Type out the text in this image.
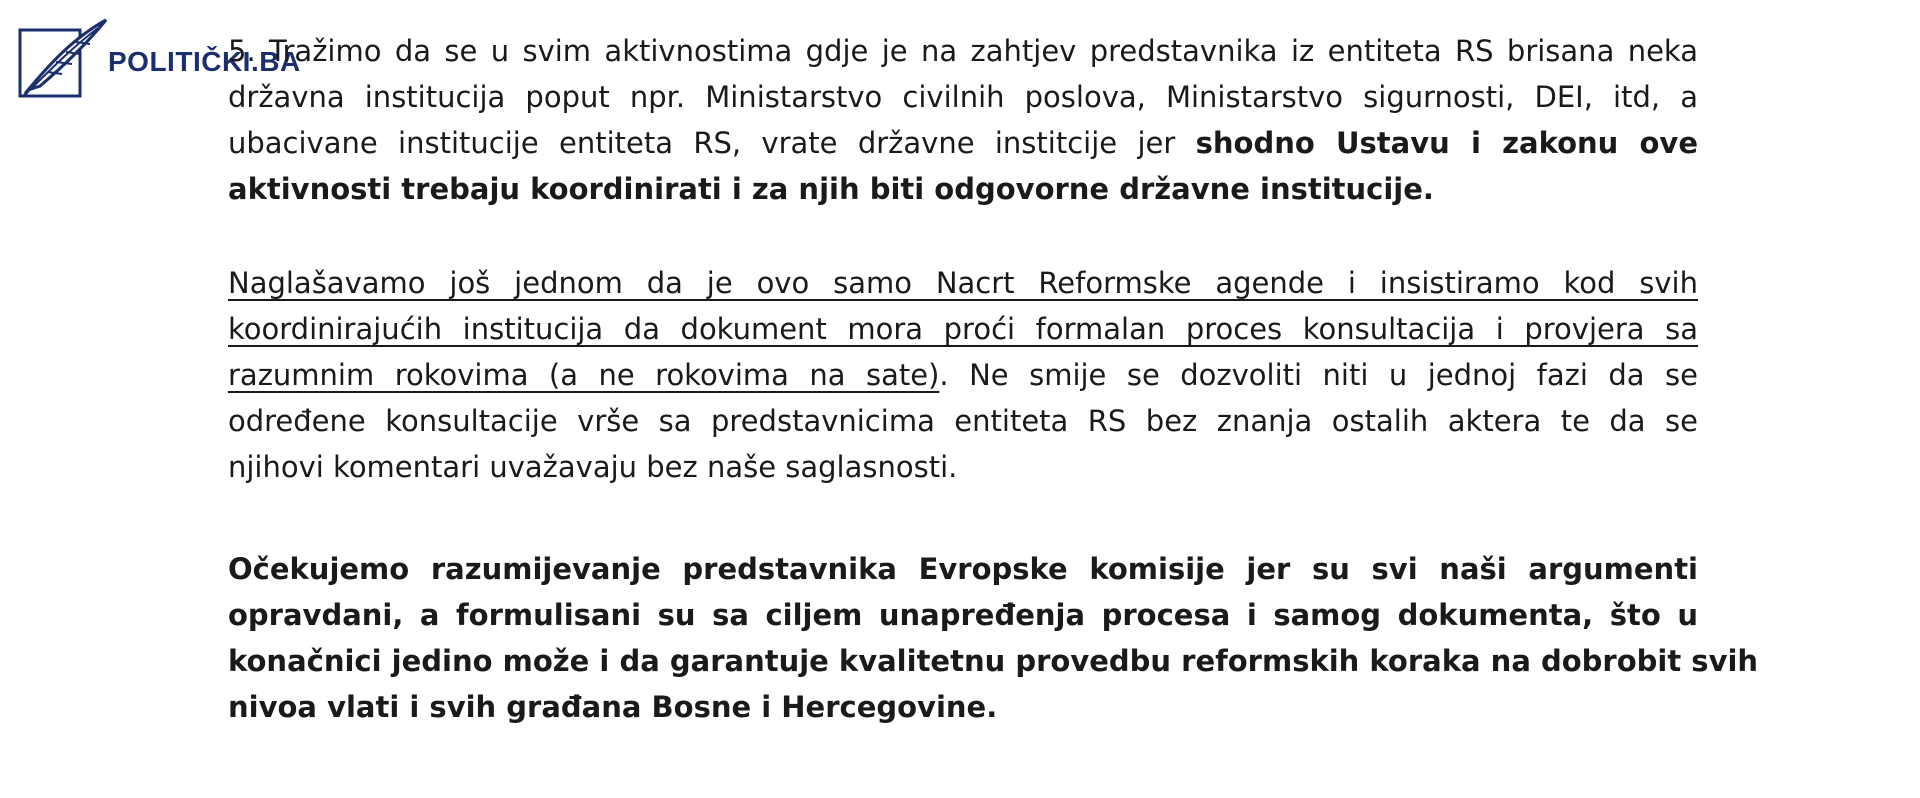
POLITIČKI.BA
5. Tražimo da se u svim aktivnostima gdje je na zahtjev predstavnika iz entiteta RS brisana neka
državna institucija poput npr. Ministarstvo civilnih poslova, Ministarstvo sigurnosti, DEI, itd, a
ubacivane institucije entiteta RS, vrate državne institcije jer shodno Ustavu i zakonu ove
aktivnosti trebaju koordinirati i za njih biti odgovorne državne institucije.
Naglašavamo još jednom da je ovo samo Nacrt Reformske agende i insistiramo kod svih
koordinirajućih institucija da dokument mora proći formalan proces konsultacija i provjera sa
razumnim rokovima (a ne rokovima na sate). Ne smije se dozvoliti niti u jednoj fazi da se
određene konsultacije vrše sa predstavnicima entiteta RS bez znanja ostalih aktera te da se
njihovi komentari uvažavaju bez naše saglasnosti.
Očekujemo razumijevanje predstavnika Evropske komisije jer su svi naši argumenti
opravdani, a formulisani su sa ciljem unapređenja procesa i samog dokumenta, što u
konačnici jedino može i da garantuje kvalitetnu provedbu reformskih koraka na dobrobit svih
nivoa vlati i svih građana Bosne i Hercegovine.
